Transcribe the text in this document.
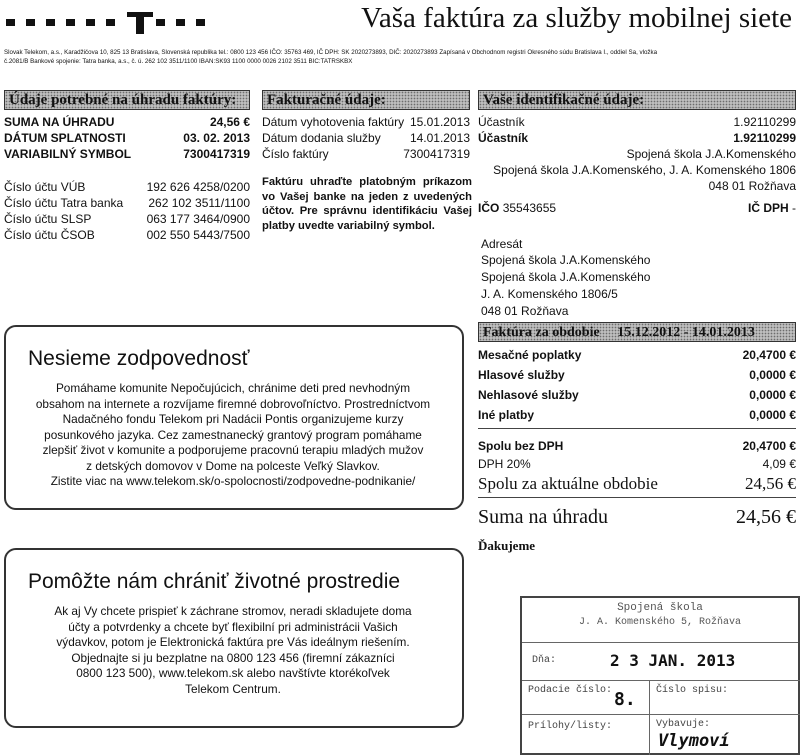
Vaša faktúra za služby mobilnej siete
Slovak Telekom, a.s., Karadžičova 10, 825 13 Bratislava, Slovenská republika tel.: 0800 123 456 IČO: 35763 469, IČ DPH: SK 2020273893, DIČ: 2020273893 Zapísaná v Obchodnom registri Okresného súdu Bratislava I., oddiel Sa, vložka
č.2081/B Bankové spojenie: Tatra banka, a.s., č. ú. 262 102 3511/1100 IBAN:SK93 1100 0000 0026 2102 3511 BIC:TATRSKBX
Údaje potrebné na úhradu faktúry:
SUMA NA ÚHRADU	24,56 €
DÁTUM SPLATNOSTI	03. 02. 2013
VARIABILNÝ SYMBOL	7300417319
Číslo účtu VÚB	192 626 4258/0200
Číslo účtu Tatra banka 262 102 3511/1100
Číslo účtu SLSP	063 177 3464/0900
Číslo účtu ČSOB	002 550 5443/7500
Fakturačné údaje:
Dátum vyhotovenia faktúry 15.01.2013
Dátum dodania služby 14.01.2013
Číslo faktúry	7300417319
Faktúru uhraďte platobným príkazom vo Vašej banke na jeden z uvedených účtov. Pre správnu identifikáciu Vašej platby uvedte variabilný symbol.
Vaše identifikačné údaje:
Účastník	1.92110299
Účastník	1.92110299
Spojená škola J.A.Komenského
Spojená škola J.A.Komenského, J. A. Komenského 1806
048 01 Rožňava
IČO 35543655	IČ DPH -
Adresát
Spojená škola J.A.Komenského
Spojená škola J.A.Komenského
J. A. Komenského 1806/5
048 01 Rožňava
Faktúra za obdobie 15.12.2012 - 14.01.2013
Mesačné poplatky	20,4700 €
Hlasové služby	0,0000 €
Nehlasové služby	0,0000 €
Iné platby	0,0000 €
Spolu bez DPH	20,4700 €
DPH 20%	4,09 €
Spolu za aktuálne obdobie	24,56 €
Suma na úhradu	24,56 €
Ďakujeme
Nesieme zodpovednosť

Pomáhame komunite Nepočujúcich, chránime deti pred nevhodným
obsahom na internete a rozvíjame firemné dobrovoľníctvo. Prostredníctvom
Nadačného fondu Telekom pri Nadácii Pontis organizujeme kurzy
posunkového jazyka. Cez zamestnanecký grantový program pomáhame
zlepšiť život v komunite a podporujeme pracovnú terapiu mladých mužov
z detských domovov v Dome na polceste Veľký Slavkov.
Zistite viac na www.telekom.sk/o-spolocnosti/zodpovedne-podnikanie/

Pomôžte nám chrániť životné prostredie

Ak aj Vy chcete prispieť k záchrane stromov, neradi skladujete doma
účty a potvrdenky a chcete byť flexibilní pri administrácii Vašich
výdavkov, potom je Elektronická faktúra pre Vás ideálnym riešením.
Objednajte si ju bezplatne na 0800 123 456 (firemní zákazníci
0800 123 500), www.telekom.sk alebo navštívte ktorékoľvek
Telekom Centrum.

Spojená škola
J. A. Komenského 5, Rožňava
Dňa:	2 3 JAN. 2013
Podacie číslo: 8. Číslo spisu:
Prílohy/listy:	Vybavuje:
Vlymoví
